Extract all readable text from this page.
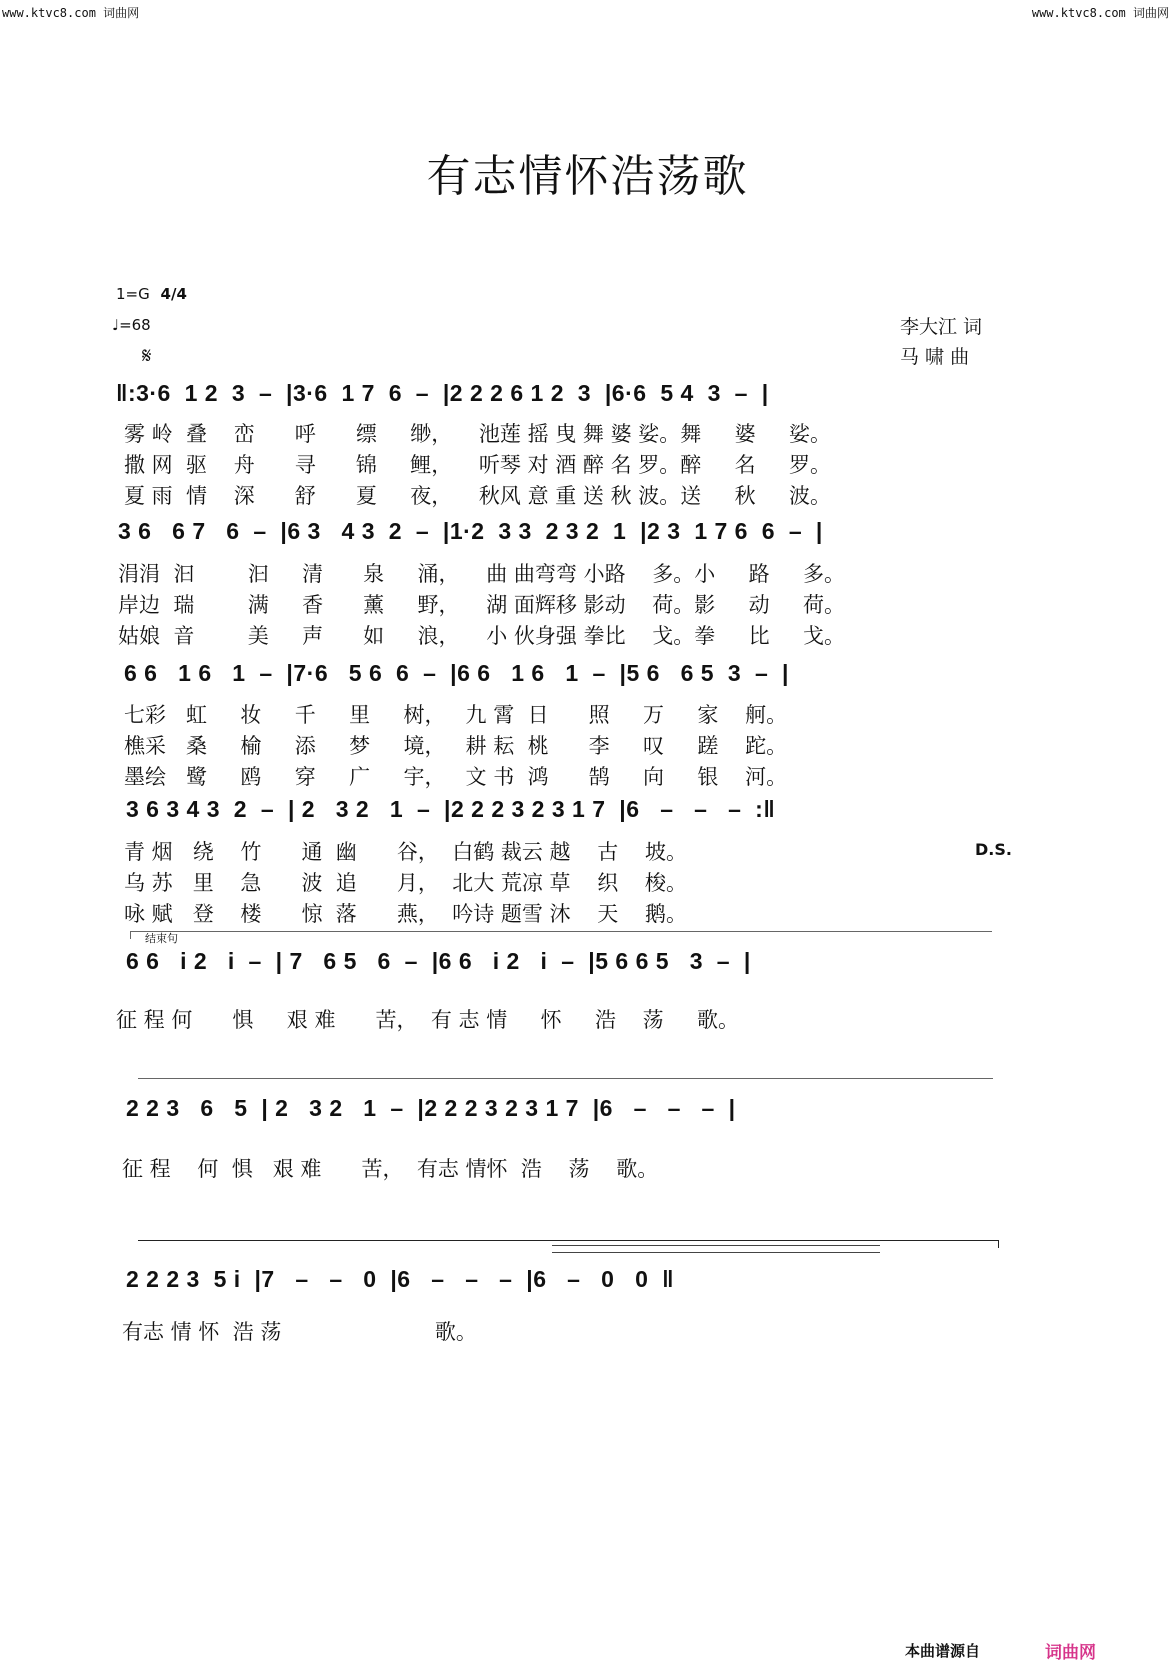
www.ktvc8.com 词曲网	www.ktvc8.com 词曲网
有志情怀浩荡歌
1=G 4/4
♩=68
𝄋
李大江 词
马 啸 曲
‖:3·6  1 2  3  –  |3·6  1 7  6  –  |2 2 2 6 1 2  3  |6·6  5 4  3  –  |
雾 岭  叠    峦      呼      缥     缈，    池莲 摇 曳 舞 婆 娑。舞     婆     娑。
撒 网  驱    舟      寻      锦     鲤，    听琴 对 酒 醉 名 罗。醉     名     罗。
夏 雨  情    深      舒      夏     夜，    秋风 意 重 送 秋 波。送     秋     波。
3 6   6 7   6  –  |6 3   4 3  2  –  |1·2  3 3  2 3 2  1  |2 3  1 7 6  6  –  |
涓涓  汩        汩     清      泉     涌，    曲 曲弯弯 小路    多。小     路     多。
岸边  瑞        满     香      薰     野，    湖 面辉移 影动    荷。影     动     荷。
姑娘  音        美     声      如     浪，    小 伙身强 拳比    戈。拳     比     戈。
6 6   1 6   1  –  |7·6   5 6  6  –  |6 6   1 6   1  –  |5 6   6 5  3  –  |
七彩   虹     妆     千     里     树，   九 霄  日      照     万     家    舸。
樵采   桑     榆     添     梦     境，   耕 耘  桃      李     叹     蹉    跎。
墨绘   鹭     鸥     穿     广     宇，   文 书  鸿      鹄     向     银    河。
3 6 3 4 3  2  –  | 2   3 2   1  –  |2 2 2 3 2 3 1 7  |6   –   –   –  :‖
青 烟   绕    竹      通  幽      谷，  白鹤 裁云 越    古    坡。
乌 苏   里    急      波  追      月，  北大 荒凉 草    织    梭。
咏 赋   登    楼      惊  落      燕，  吟诗 题雪 沐    天    鹅。
D.S.
结束句
6 6   i 2   i  –  | 7   6 5   6  –  |6 6   i 2   i  –  |5 6 6 5   3  –  |
征 程 何      惧     艰 难      苦，  有 志 情     怀     浩    荡     歌。
2 2 3   6   5  | 2   3 2   1  –  |2 2 2 3 2 3 1 7  |6   –   –   –  |
征 程    何  惧   艰 难      苦，  有志 情怀  浩    荡    歌。
2 2 2 3  5 i  |7   –   –   0  |6   –   –   –  |6   –   0   0  ‖
有志 情 怀  浩 荡                       歌。
本曲谱源自	词曲网
